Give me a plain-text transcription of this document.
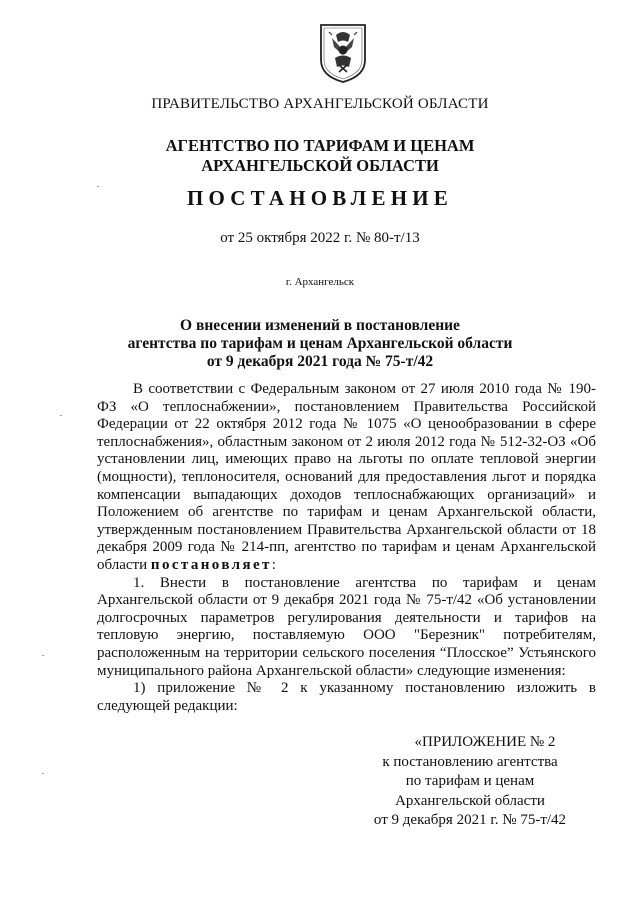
ПРАВИТЕЛЬСТВО АРХАНГЕЛЬСКОЙ ОБЛАСТИ
АГЕНТСТВО ПО ТАРИФАМ И ЦЕНАМ
АРХАНГЕЛЬСКОЙ ОБЛАСТИ
ПОСТАНОВЛЕНИЕ
от 25 октября 2022 г. № 80-т/13
г. Архангельск
О внесении изменений в постановление
агентства по тарифам и ценам Архангельской области
от 9 декабря 2021 года № 75-т/42

В соответствии с Федеральным законом от 27 июля 2010 года № 190-ФЗ «О теплоснабжении», постановлением Правительства Российской Федерации от 22 октября 2012 года № 1075 «О ценообразовании в сфере теплоснабжения», областным законом от 2 июля 2012 года № 512-32-ОЗ «Об установлении лиц, имеющих право на льготы по оплате тепловой энергии (мощности), теплоносителя, оснований для предоставления льгот и порядка компенсации выпадающих доходов теплоснабжающих организаций» и Положением об агентстве по тарифам и ценам Архангельской области, утвержденным постановлением Правительства Архангельской области от 18 декабря 2009 года № 214-пп, агентство по тарифам и ценам Архангельской области постановляет:

1. Внести в постановление агентства по тарифам и ценам Архангельской области от 9 декабря 2021 года № 75-т/42 «Об установлении долгосрочных параметров регулирования деятельности и тарифов на тепловую энергию, поставляемую ООО "Березник" потребителям, расположенным на территории сельского поселения “Плосское” Устьянского муниципального района Архангельской области» следующие изменения:

1) приложение № 2 к указанному постановлению изложить в следующей редакции:

«ПРИЛОЖЕНИЕ № 2
к постановлению агентства
по тарифам и ценам
Архангельской области
от 9 декабря 2021 г. № 75-т/42
